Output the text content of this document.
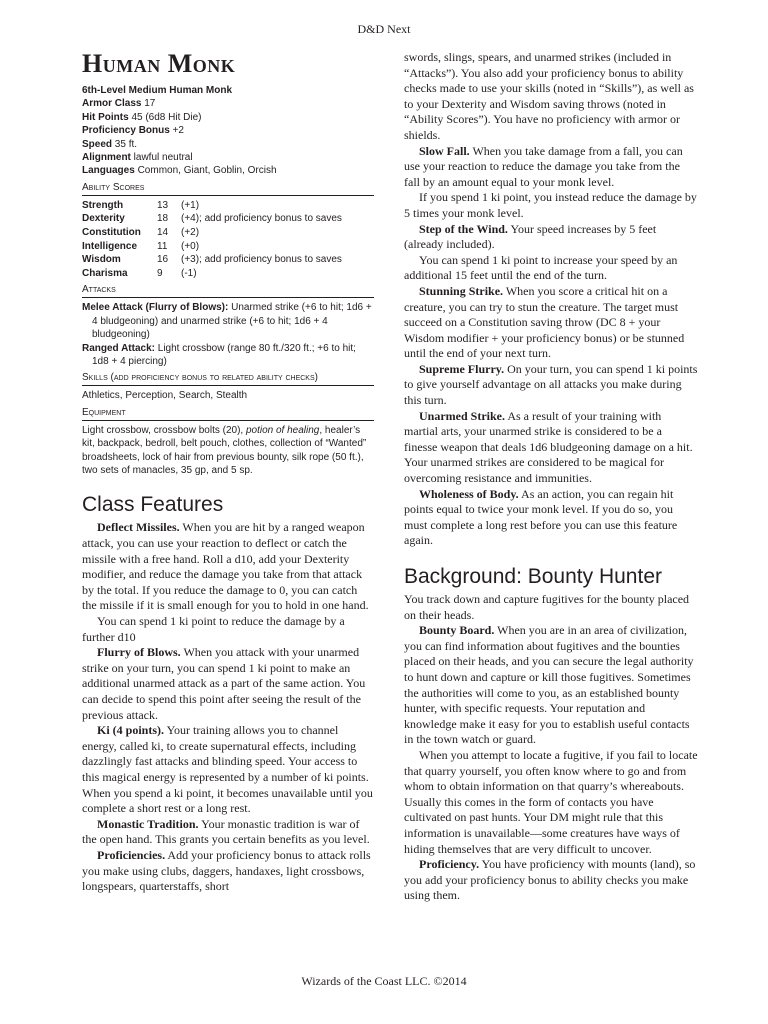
D&D Next
Human Monk
6th-Level Medium Human Monk
Armor Class 17
Hit Points 45 (6d8 Hit Die)
Proficiency Bonus +2
Speed 35 ft.
Alignment lawful neutral
Languages Common, Giant, Goblin, Orcish
Ability Scores
Strength	13	(+1)
Dexterity	18	(+4); add proficiency bonus to saves
Constitution	14	(+2)
Intelligence	11	(+0)
Wisdom	16	(+3); add proficiency bonus to saves
Charisma	9	(-1)
Attacks
Melee Attack (Flurry of Blows): Unarmed strike (+6 to hit; 1d6 + 4 bludgeoning) and unarmed strike (+6 to hit; 1d6 + 4 bludgeoning)
Ranged Attack: Light crossbow (range 80 ft./320 ft.; +6 to hit; 1d8 + 4 piercing)
Skills (add proficiency bonus to related ability checks)
Athletics, Perception, Search, Stealth
Equipment
Light crossbow, crossbow bolts (20), potion of healing, healer’s kit, backpack, bedroll, belt pouch, clothes, collection of “Wanted” broadsheets, lock of hair from previous bounty, silk rope (50 ft.), two sets of manacles, 35 gp, and 5 sp.
Class Features

Deflect Missiles. When you are hit by a ranged weapon attack, you can use your reaction to deflect or catch the missile with a free hand. Roll a d10, add your Dexterity modifier, and reduce the damage you take from that attack by the total. If you reduce the damage to 0, you can catch the missile if it is small enough for you to hold in one hand.

You can spend 1 ki point to reduce the damage by a further d10

Flurry of Blows. When you attack with your unarmed strike on your turn, you can spend 1 ki point to make an additional unarmed attack as a part of the same action. You can decide to spend this point after seeing the result of the previous attack.

Ki (4 points). Your training allows you to channel energy, called ki, to create supernatural effects, including dazzlingly fast attacks and blinding speed. Your access to this magical energy is represented by a number of ki points. When you spend a ki point, it becomes unavailable until you complete a short rest or a long rest.

Monastic Tradition. Your monastic tradition is war of the open hand. This grants you certain benefits as you level.

Proficiencies. Add your proficiency bonus to attack rolls you make using clubs, daggers, handaxes, light crossbows, longspears, quarterstaffs, short

swords, slings, spears, and unarmed strikes (included in “Attacks”). You also add your proficiency bonus to ability checks made to use your skills (noted in “Skills”), as well as to your Dexterity and Wisdom saving throws (noted in “Ability Scores”). You have no proficiency with armor or shields.

Slow Fall. When you take damage from a fall, you can use your reaction to reduce the damage you take from the fall by an amount equal to your monk level.

If you spend 1 ki point, you instead reduce the damage by 5 times your monk level.

Step of the Wind. Your speed increases by 5 feet (already included).

You can spend 1 ki point to increase your speed by an additional 15 feet until the end of the turn.

Stunning Strike. When you score a critical hit on a creature, you can try to stun the creature. The target must succeed on a Constitution saving throw (DC 8 + your Wisdom modifier + your proficiency bonus) or be stunned until the end of your next turn.

Supreme Flurry. On your turn, you can spend 1 ki points to give yourself advantage on all attacks you make during this turn.

Unarmed Strike. As a result of your training with martial arts, your unarmed strike is considered to be a finesse weapon that deals 1d6 bludgeoning damage on a hit. Your unarmed strikes are considered to be magical for overcoming resistance and immunities.

Wholeness of Body. As an action, you can regain hit points equal to twice your monk level. If you do so, you must complete a long rest before you can use this feature again.

Background: Bounty Hunter

You track down and capture fugitives for the bounty placed on their heads.

Bounty Board. When you are in an area of civilization, you can find information about fugitives and the bounties placed on their heads, and you can secure the legal authority to hunt down and capture or kill those fugitives. Sometimes the authorities will come to you, as an established bounty hunter, with specific requests. Your reputation and knowledge make it easy for you to establish useful contacts in the town watch or guard.

When you attempt to locate a fugitive, if you fail to locate that quarry yourself, you often know where to go and from whom to obtain information on that quarry’s whereabouts. Usually this comes in the form of contacts you have cultivated on past hunts. Your DM might rule that this information is unavailable—some creatures have ways of hiding themselves that are very difficult to uncover.

Proficiency. You have proficiency with mounts (land), so you add your proficiency bonus to ability checks you make using them.

Wizards of the Coast LLC. ©2014
